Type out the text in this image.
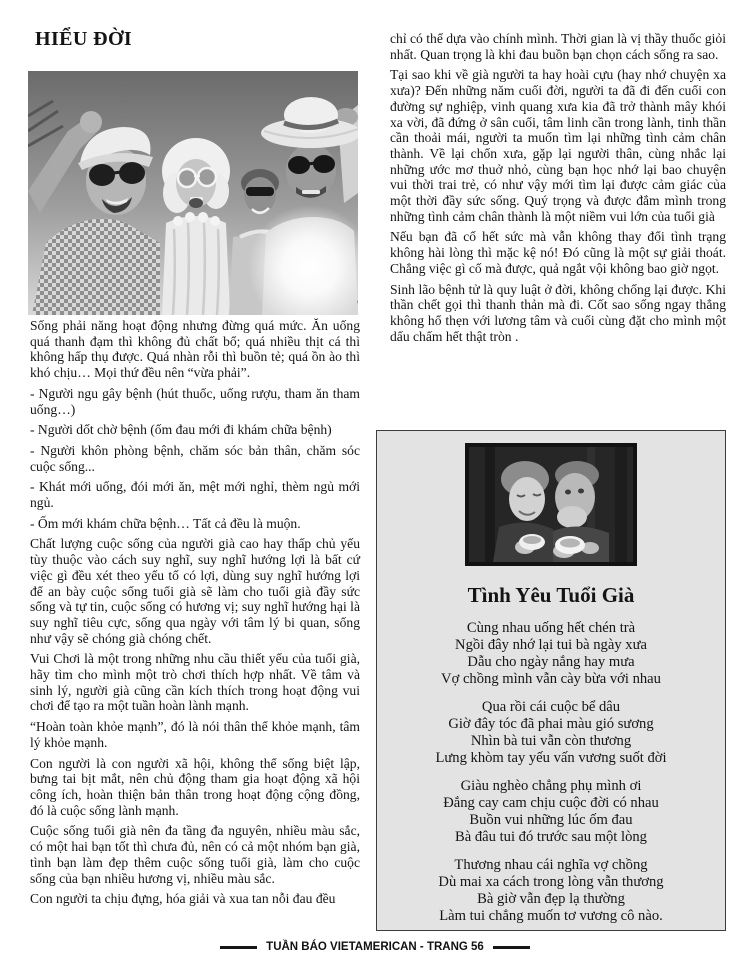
HIỂU ĐỜI

Sống phải năng hoạt động nhưng đừng quá mức. Ăn uống quá thanh đạm thì không đủ chất bổ; quá nhiều thịt cá thì không hấp thụ được. Quá nhàn rỗi thì buồn tẻ; quá ồn ào thì khó chịu… Mọi thứ đều nên “vừa phải”.

- Người ngu gây bệnh (hút thuốc, uống rượu, tham ăn tham uống…)

- Người dốt chờ bệnh (ốm đau mới đi khám chữa bệnh)

- Người khôn phòng bệnh, chăm sóc bản thân, chăm sóc cuộc sống...

- Khát mới uống, đói mới ăn, mệt mới nghỉ, thèm ngủ mới ngủ.

- Ốm mới khám chữa bệnh… Tất cả đều là muộn.

Chất lượng cuộc sống của người già cao hay thấp chủ yếu tùy thuộc vào cách suy nghĩ, suy nghĩ hướng lợi là bất cứ việc gì đều xét theo yếu tố có lợi, dùng suy nghĩ hướng lợi để an bày cuộc sống tuổi già sẽ làm cho tuổi già đầy sức sống và tự tin, cuộc sống có hương vị; suy nghĩ hướng hại là suy nghĩ tiêu cực, sống qua ngày với tâm lý bi quan, sống như vậy sẽ chóng già chóng chết.

Vui Chơi là một trong những nhu cầu thiết yếu của tuổi già, hãy tìm cho mình một trò chơi thích hợp nhất. Về tâm và sinh lý, người già cũng cần kích thích trong hoạt động vui chơi để tạo ra một tuần hoàn lành mạnh.

“Hoàn toàn khỏe mạnh”, đó là nói thân thể khỏe mạnh, tâm lý khỏe mạnh.

Con người là con người xã hội, không thể sống biệt lập, bưng tai bịt mắt, nên chủ động tham gia hoạt động xã hội công ích, hoàn thiện bản thân trong hoạt động cộng đồng, đó là cuộc sống lành mạnh.

Cuộc sống tuổi già nên đa tầng đa nguyên, nhiều màu sắc, có một hai bạn tốt thì chưa đủ, nên có cả một nhóm bạn già, tình bạn làm đẹp thêm cuộc sống tuổi già, làm cho cuộc sống của bạn nhiều hương vị, nhiều màu sắc.

Con người ta chịu đựng, hóa giải và xua tan nỗi đau đều

chỉ có thể dựa vào chính mình. Thời gian là vị thầy thuốc giỏi nhất. Quan trọng là khi đau buồn bạn chọn cách sống ra sao.

Tại sao khi về già người ta hay hoài cựu (hay nhớ chuyện xa xưa)? Đến những năm cuối đời, người ta đã đi đến cuối con đường sự nghiệp, vinh quang xưa kia đã trở thành mây khói xa vời, đã đứng ở sân cuối, tâm linh cần trong lành, tinh thần cần thoải mái, người ta muốn tìm lại những tình cảm chân thành. Về lại chốn xưa, gặp lại người thân, cùng nhắc lại những ước mơ thuở nhỏ, cùng bạn học nhớ lại bao chuyện vui thời trai trẻ, có như vậy mới tìm lại được cảm giác của một thời đầy sức sống. Quý trọng và được đắm mình trong những tình cảm chân thành là một niềm vui lớn của tuổi già

Nếu bạn đã cố hết sức mà vẫn không thay đổi tình trạng không hài lòng thì mặc kệ nó! Đó cũng là một sự giải thoát. Chẳng việc gì cố mà được, quả ngắt vội không bao giờ ngọt.

Sinh lão bệnh tử là quy luật ở đời, không chống lại được. Khi thần chết gọi thì thanh thản mà đi. Cốt sao sống ngay thẳng không hổ thẹn với lương tâm và cuối cùng đặt cho mình một dấu chấm hết thật tròn .

Tình Yêu Tuổi Già
Cùng nhau uống hết chén trà
Ngồi đây nhớ lại tui bà ngày xưa
Dẫu cho ngày nắng hay mưa
Vợ chồng mình vẫn cày bừa với nhau
Qua rồi cái cuộc bể dâu
Giờ đây tóc đã phai màu gió sương
Nhìn bà tui vẫn còn thương
Lưng khòm tay yếu vấn vương suốt đời
Giàu nghèo chẳng phụ mình ơi
Đắng cay cam chịu cuộc đời có nhau
Buồn vui những lúc ốm đau
Bà đâu tui đó trước sau một lòng
Thương nhau cái nghĩa vợ chồng
Dù mai xa cách trong lòng vẫn thương
Bà giờ vẫn đẹp lạ thường
Làm tui chẳng muốn tơ vương cô nào.
TUẦN BÁO VIETAMERICAN - TRANG 56
